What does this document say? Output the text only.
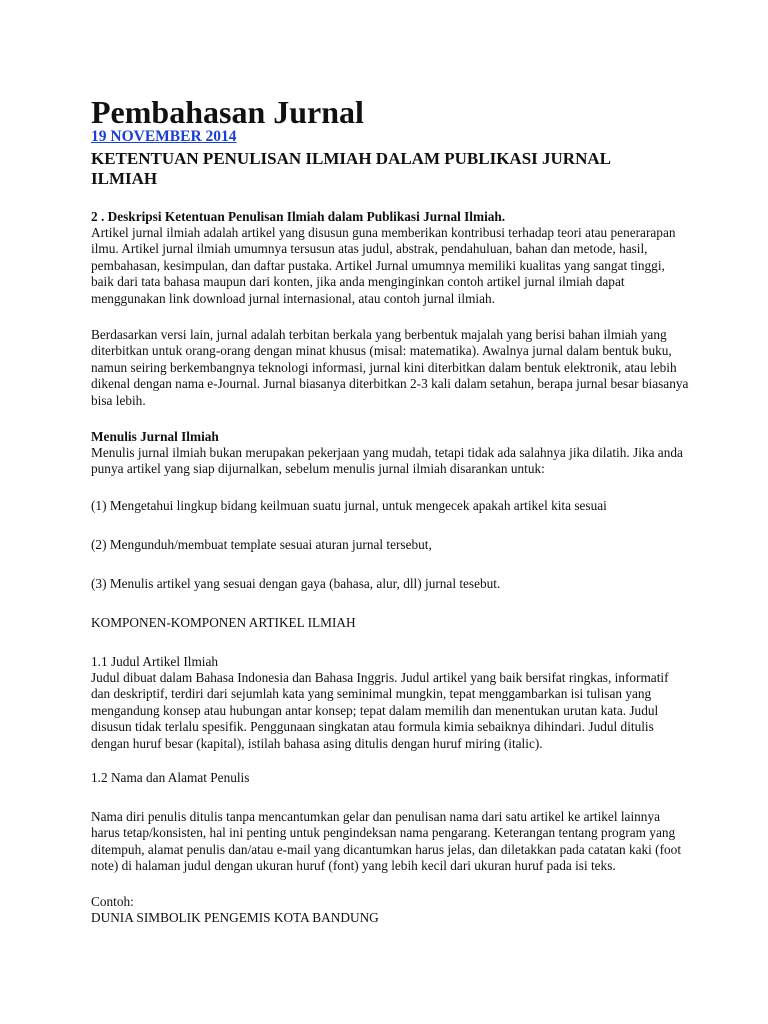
Pembahasan Jurnal
19 NOVEMBER 2014
KETENTUAN PENULISAN ILMIAH DALAM PUBLIKASI JURNAL ILMIAH
2 . Deskripsi Ketentuan Penulisan Ilmiah dalam Publikasi Jurnal Ilmiah.

Artikel jurnal ilmiah adalah artikel yang disusun guna memberikan kontribusi terhadap teori atau penerarapan ilmu. Artikel jurnal ilmiah umumnya tersusun atas judul, abstrak, pendahuluan, bahan dan metode, hasil, pembahasan, kesimpulan, dan daftar pustaka. Artikel Jurnal umumnya memiliki kualitas yang sangat tinggi, baik dari tata bahasa maupun dari konten, jika anda menginginkan contoh artikel jurnal ilmiah dapat menggunakan link download jurnal internasional, atau contoh jurnal ilmiah.

Berdasarkan versi lain, jurnal adalah terbitan berkala yang berbentuk majalah yang berisi bahan ilmiah yang diterbitkan untuk orang-orang dengan minat khusus (misal: matematika). Awalnya jurnal dalam bentuk buku, namun seiring berkembangnya teknologi informasi, jurnal kini diterbitkan dalam bentuk elektronik, atau lebih dikenal dengan nama e-Journal. Jurnal biasanya diterbitkan 2-3 kali dalam setahun, berapa jurnal besar biasanya bisa lebih.

Menulis Jurnal Ilmiah

Menulis jurnal ilmiah bukan merupakan pekerjaan yang mudah, tetapi tidak ada salahnya jika dilatih. Jika anda punya artikel yang siap dijurnalkan, sebelum menulis jurnal ilmiah disarankan untuk:

(1) Mengetahui lingkup bidang keilmuan suatu jurnal, untuk mengecek apakah artikel kita sesuai
(2) Mengunduh/membuat template sesuai aturan jurnal tersebut,
(3) Menulis artikel yang sesuai dengan gaya (bahasa, alur, dll) jurnal tesebut.
KOMPONEN-KOMPONEN ARTIKEL ILMIAH
1.1 Judul Artikel Ilmiah

Judul dibuat dalam Bahasa Indonesia dan Bahasa Inggris. Judul artikel yang baik bersifat ringkas, informatif dan deskriptif, terdiri dari sejumlah kata yang seminimal mungkin, tepat menggambarkan isi tulisan yang mengandung konsep atau hubungan antar konsep; tepat dalam memilih dan menentukan urutan kata. Judul disusun tidak terlalu spesifik. Penggunaan singkatan atau formula kimia sebaiknya dihindari. Judul ditulis dengan huruf besar (kapital), istilah bahasa asing ditulis dengan huruf miring (italic).

1.2 Nama dan Alamat Penulis

Nama diri penulis ditulis tanpa mencantumkan gelar dan penulisan nama dari satu artikel ke artikel lainnya harus tetap/konsisten, hal ini penting untuk pengindeksan nama pengarang. Keterangan tentang program yang ditempuh, alamat penulis dan/atau e-mail yang dicantumkan harus jelas, dan diletakkan pada catatan kaki (foot note) di halaman judul dengan ukuran huruf (font) yang lebih kecil dari ukuran huruf pada isi teks.

Contoh:
DUNIA SIMBOLIK PENGEMIS KOTA BANDUNG
